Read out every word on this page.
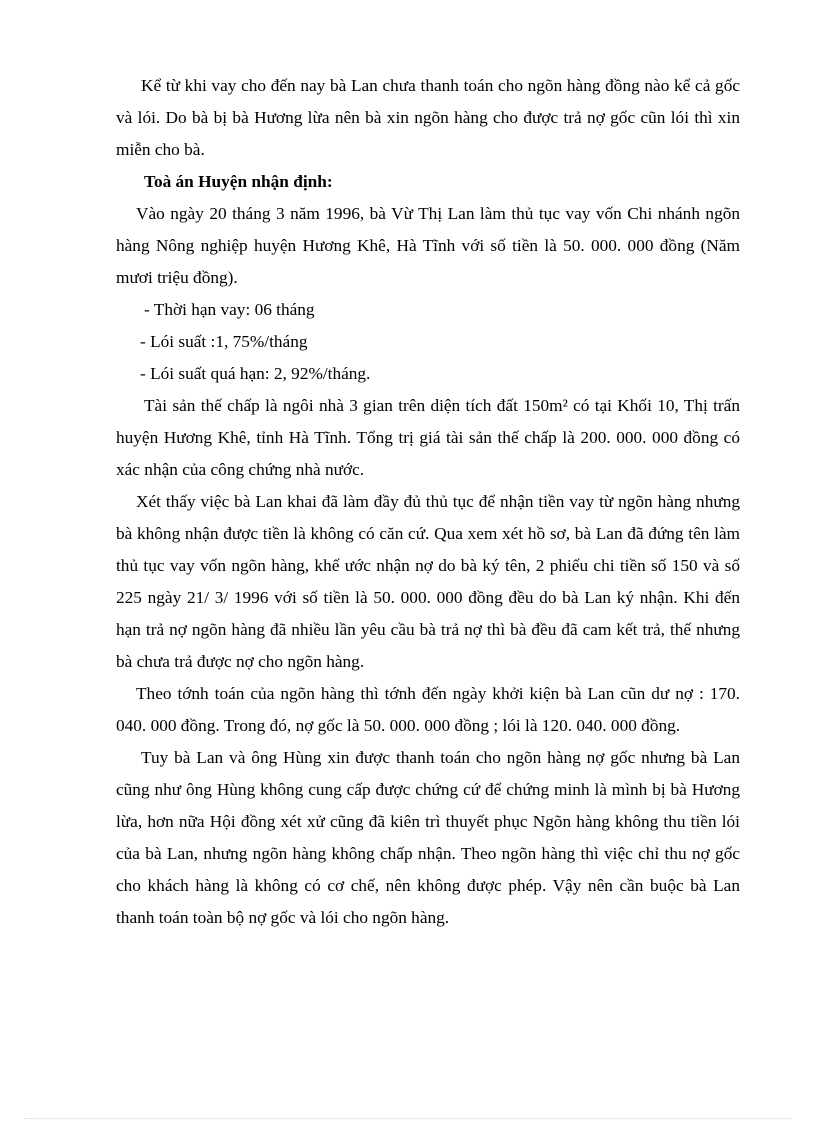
Kể từ khi vay cho đến nay bà Lan chưa thanh toán cho ngõn hàng đồng nào kể cả gốc và lói. Do bà bị bà Hương lừa nên bà xin ngõn hàng cho được trả nợ gốc cũn lói thì xin miễn cho bà.

Toà án Huyện nhận định:

Vào ngày 20 tháng 3 năm 1996, bà Vừ Thị Lan làm thủ tục vay vốn Chi nhánh ngõn hàng Nông nghiệp huyện Hương Khê, Hà Tĩnh với số tiền là 50. 000. 000 đồng (Năm mươi triệu đồng).

- Thời hạn vay: 06 tháng

- Lói suất :1, 75%/tháng

- Lói suất quá hạn: 2, 92%/tháng.

Tài sản thế chấp là ngôi nhà 3 gian trên diện tích đất 150m² có tại Khối 10, Thị trấn huyện Hương Khê, tỉnh Hà Tĩnh. Tổng trị giá tài sản thế chấp là 200. 000. 000 đồng có xác nhận của công chứng nhà nước.

Xét thấy việc bà Lan khai đã làm đầy đủ thủ tục để nhận tiền vay từ ngõn hàng nhưng bà không nhận được tiền là không có căn cứ. Qua xem xét hồ sơ, bà Lan đã đứng tên làm thủ tục vay vốn ngõn hàng, khế ước nhận nợ do bà ký tên, 2 phiếu chi tiền số 150 và số 225 ngày 21/ 3/ 1996 với số tiền là 50. 000. 000 đồng đều do bà Lan ký nhận. Khi đến hạn trả nợ ngõn hàng đã nhiều lần yêu cầu bà trả nợ thì bà đều đã cam kết trả, thế nhưng bà chưa trả được nợ cho ngõn hàng.

Theo tớnh toán của ngõn hàng thì tớnh đến ngày khởi kiện bà Lan cũn dư nợ : 170. 040. 000 đồng. Trong đó, nợ gốc là 50. 000. 000 đồng ; lói là 120. 040. 000 đồng.

Tuy bà Lan và ông Hùng xin được thanh toán cho ngõn hàng nợ gốc nhưng bà Lan cũng như ông Hùng không cung cấp được chứng cứ để chứng minh là mình bị bà Hương lừa, hơn nữa Hội đồng xét xử cũng đã kiên trì thuyết phục Ngõn hàng không thu tiền lói của bà Lan, nhưng ngõn hàng không chấp nhận. Theo ngõn hàng thì việc chỉ thu nợ gốc cho khách hàng là không có cơ chế, nên không được phép. Vậy nên cần buộc bà Lan thanh toán toàn bộ nợ gốc và lói cho ngõn hàng.
